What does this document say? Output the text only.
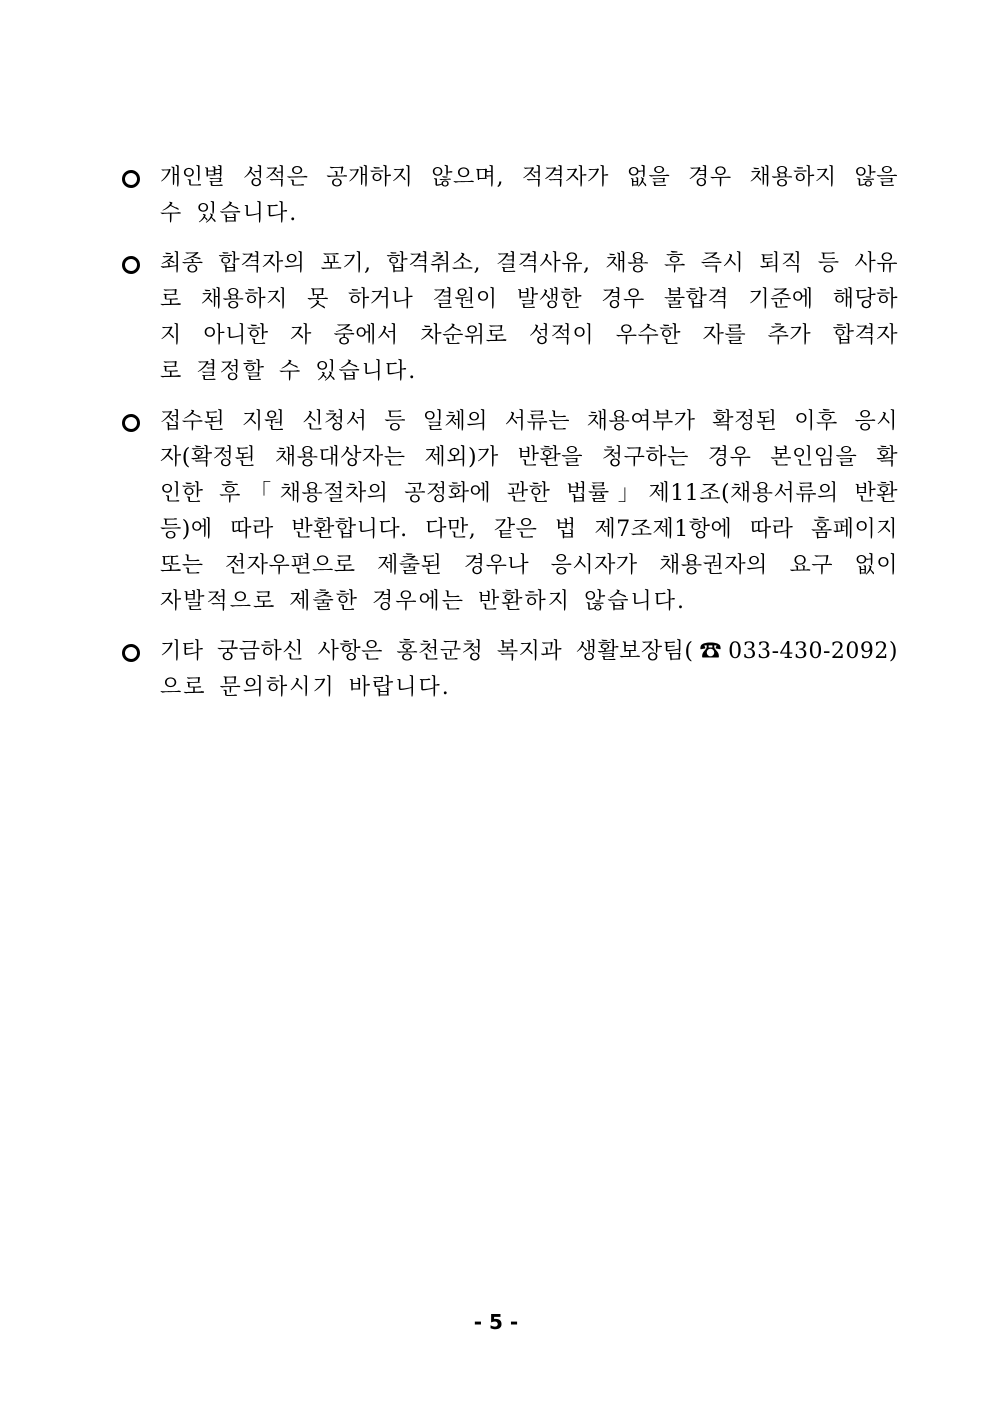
개인별 성적은 공개하지 않으며, 적격자가 없을 경우 채용하지 않을
수 있습니다.
최종 합격자의 포기, 합격취소, 결격사유, 채용 후 즉시 퇴직 등 사유
로 채용하지 못 하거나 결원이 발생한 경우 불합격 기준에 해당하
지 아니한 자 중에서 차순위로 성적이 우수한 자를 추가 합격자
로 결정할 수 있습니다.
접수된 지원 신청서 등 일체의 서류는 채용여부가 확정된 이후 응시
자(확정된 채용대상자는 제외)가 반환을 청구하는 경우 본인임을 확
인한 후「채용절차의 공정화에 관한 법률」제11조(채용서류의 반환
등)에 따라 반환합니다. 다만, 같은 법 제7조제1항에 따라 홈페이지
또는 전자우편으로 제출된 경우나 응시자가 채용권자의 요구 없이
자발적으로 제출한 경우에는 반환하지 않습니다.
기타 궁금하신 사항은 홍천군청 복지과 생활보장팀(☎033-430-2092)
으로 문의하시기 바랍니다.
- 5 -
